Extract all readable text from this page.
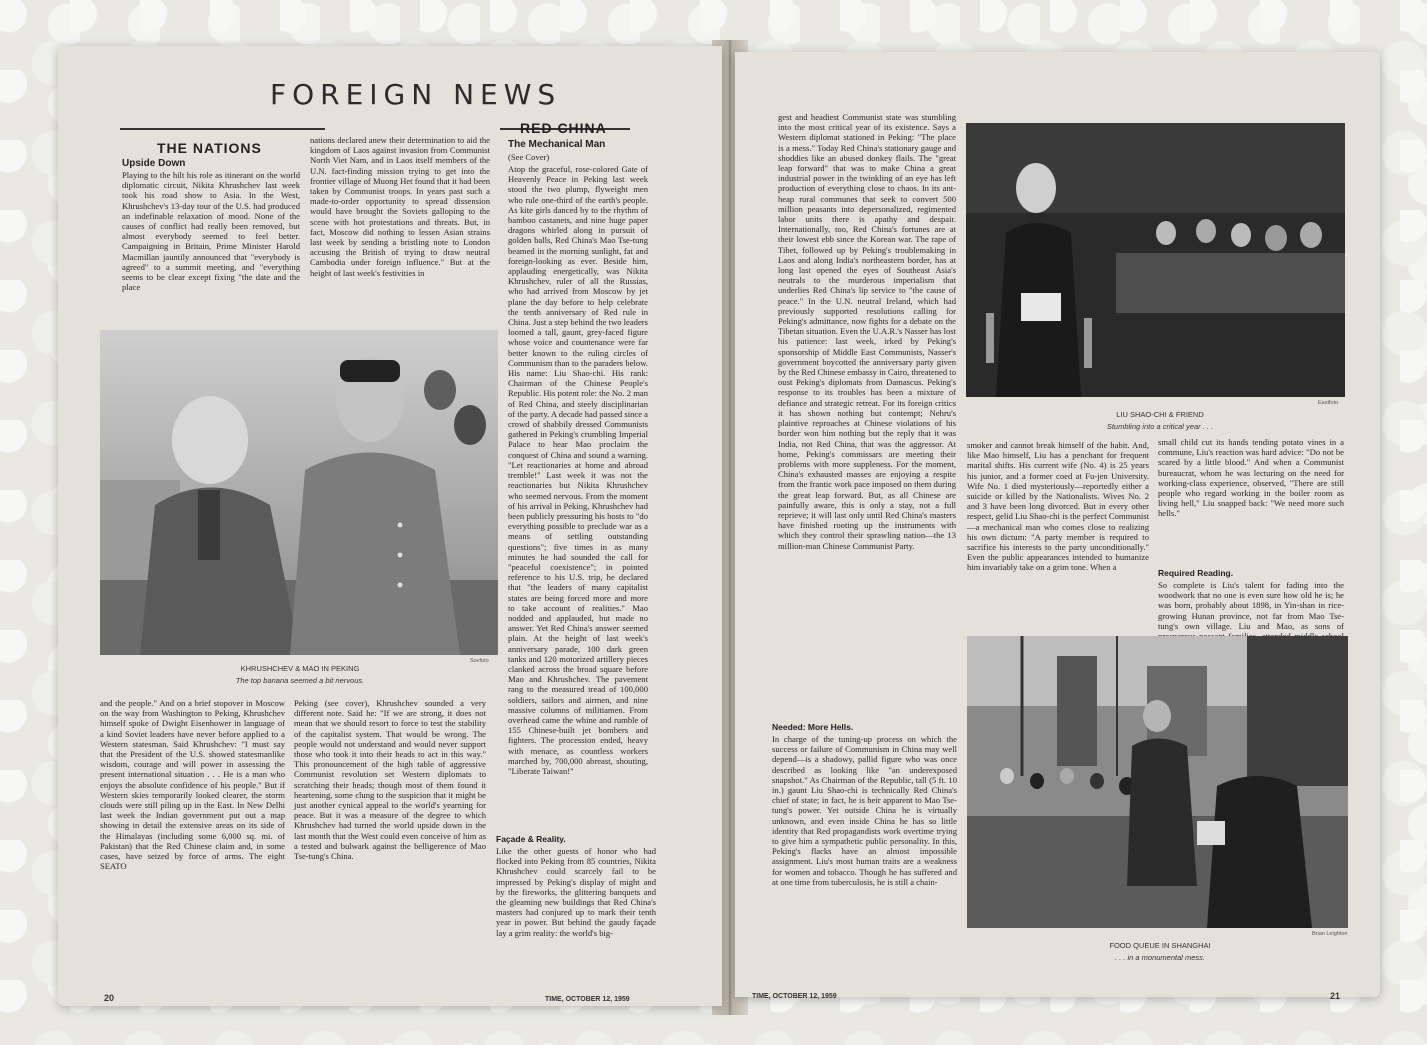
FOREIGN NEWS
THE NATIONS
Upside Down
Playing to the hilt his role as itinerant on the world diplomatic circuit, Nikita Khrushchev last week took his road show to Asia. In the West, Khrushchev's 13-day tour of the U.S. had produced an indefinable relaxation of mood. None of the causes of conflict had really been removed, but almost everybody seemed to feel better. Campaigning in Britain, Prime Minister Harold Macmillan jauntily announced that "everybody is agreed" to a summit meeting, and "everything seems to be clear except fixing "the date and the place
nations declared anew their determination to aid the kingdom of Laos against invasion from Communist North Viet Nam, and in Laos itself members of the U.N. fact-finding mission trying to get into the frontier village of Muong Het found that it had been taken by Communist troops. In years past such a made-to-order opportunity to spread dissension would have brought the Soviets galloping to the scene with hot protestations and threats. But, in fact, Moscow did nothing to lessen Asian strains last week by sending a bristling note to London accusing the British of trying to draw neutral Cambodia under foreign influence." But at the height of last week's festivities in
RED CHINA
The Mechanical Man
(See Cover)
Atop the graceful, rose-colored Gate of Heavenly Peace in Peking last week stood the two plump, flyweight men who rule one-third of the earth's people. As kite girls danced by to the rhythm of bamboo castanets, and nine huge paper dragons whirled along in pursuit of golden balls, Red China's Mao Tse-tung beamed in the morning sunlight, fat and foreign-looking as ever. Beside him, applauding energetically, was Nikita Khrushchev, ruler of all the Russias, who had arrived from Moscow by jet plane the day before to help celebrate the tenth anniversary of Red rule in China. Just a step behind the two leaders loomed a tall, gaunt, grey-faced figure whose voice and countenance were far better known to the ruling circles of Communism than to the paraders below. His name: Liu Shao-chi. His rank: Chairman of the Chinese People's Republic. His potent role: the No. 2 man of Red China, and steely disciplinarian of the party. A decade had passed since a crowd of shabbily dressed Communists gathered in Peking's crumbling Imperial Palace to hear Mao proclaim the conquest of China and sound a warning. "Let reactionaries at home and abroad tremble!" Last week it was not the reactionaries but Nikita Khrushchev who seemed nervous. From the moment of his arrival in Peking, Khrushchev had been publicly pressuring his hosts to "do everything possible to preclude war as a means of settling outstanding questions"; five times in as many minutes he had sounded the call for "peaceful coexistence"; in pointed reference to his U.S. trip, he declared that "the leaders of many capitalist states are being forced more and more to take account of realities." Mao nodded and applauded, but made no answer. Yet Red China's answer seemed plain. At the height of last week's anniversary parade, 100 dark green tanks and 120 motorized artillery pieces clanked across the broad square before Mao and Khrushchev. The pavement rang to the measured tread of 100,000 soldiers, sailors and airmen, and nine massive columns of militiamen. From overhead came the whine and rumble of 155 Chinese-built jet bombers and fighters. The procession ended, heavy with menace, as countless workers marched by, 700,000 abreast, shouting, "Liberate Taiwan!"
Façade & Reality.
Like the other guests of honor who had flocked into Peking from 85 countries, Nikita Khrushchev could scarcely fail to be impressed by Peking's display of might and by the fireworks, the glittering banquets and the gleaming new buildings that Red China's masters had conjured up to mark their tenth year in power. But behind the gaudy façade lay a grim reality: the world's big-
KHRUSHCHEV & MAO IN PEKING
The top banana seemed a bit nervous.
Sovfoto
and the people." And on a brief stopover in Moscow on the way from Washington to Peking, Khrushchev himself spoke of Dwight Eisenhower in language of a kind Soviet leaders have never before applied to a Western statesman. Said Khrushchev: "I must say that the President of the U.S. showed statesmanlike wisdom, courage and will power in assessing the present international situation . . . He is a man who enjoys the absolute confidence of his people." But if Western skies temporarily looked clearer, the storm clouds were still piling up in the East. In New Delhi last week the Indian government put out a map showing in detail the extensive areas on its side of the Himalayas (including some 6,000 sq. mi. of Pakistan) that the Red Chinese claim and, in some cases, have seized by force of arms. The eight SEATO
Peking (see cover), Khrushchev sounded a very different note. Said he: "If we are strong, it does not mean that we should resort to force to test the stability of the capitalist system. That would be wrong. The people would not understand and would never support those who took it into their heads to act in this way." This pronouncement of the high table of aggressive Communist revolution set Western diplomats to scratching their heads; though most of them found it heartening, some clung to the suspicion that it might be just another cynical appeal to the world's yearning for peace. But it was a measure of the degree to which Khrushchev had turned the world upside down in the last month that the West could even conceive of him as a tested and bulwark against the belligerence of Mao Tse-tung's China.
20	TIME, OCTOBER 12, 1959
gest and headiest Communist state was stumbling into the most critical year of its existence. Says a Western diplomat stationed in Peking: "The place is a mess." Today Red China's stationary gauge and shoddies like an abused donkey flails. The "great leap forward" that was to make China a great industrial power in the twinkling of an eye has left production of everything close to chaos. In its ant-heap rural communes that seek to convert 500 million peasants into depersonalized, regimented labor units there is apathy and despair. Internationally, too, Red China's fortunes are at their lowest ebb since the Korean war. The rape of Tibet, followed up by Peking's troublemaking in Laos and along India's northeastern border, has at long last opened the eyes of Southeast Asia's neutrals to the murderous imperialism that underlies Red China's lip service to "the cause of peace." In the U.N. neutral Ireland, which had previously supported resolutions calling for Peking's admittance, now fights for a debate on the Tibetan situation. Even the U.A.R.'s Nasser has lost his patience: last week, irked by Peking's sponsorship of Middle East Communists, Nasser's government boycotted the anniversary party given by the Red Chinese embassy in Cairo, threatened to oust Peking's diplomats from Damascus. Peking's response to its troubles has been a mixture of defiance and strategic retreat. For its foreign critics it has shown nothing but contempt; Nehru's plaintive reproaches at Chinese violations of his border won him nothing but the reply that it was India, not Red China, that was the aggressor. At home, Peking's commissars are meeting their problems with more suppleness. For the moment, China's exhausted masses are enjoying a respite from the frantic work pace imposed on them during the great leap forward. But, as all Chinese are painfully aware, this is only a stay, not a full reprieve; it will last only until Red China's masters have finished rooting up the instruments with which they control their sprawling nation—the 13 million-man Chinese Communist Party.
Needed: More Hells.
In charge of the tuning-up process on which the success or failure of Communism in China may well depend—is a shadowy, pallid figure who was once described as looking like "an underexposed snapshot." As Chairman of the Republic, tall (5 ft. 10 in.) gaunt Liu Shao-chi is technically Red China's chief of state; in fact, he is heir apparent to Mao Tse-tung's power. Yet outside China he is virtually unknown, and even inside China he has so little identity that Red propagandists work overtime trying to give him a sympathetic public personality. In this, Peking's flacks have an almost impossible assignment. Liu's most human traits are a weakness for women and tobacco. Though he has suffered and at one time from tuberculosis, he is still a chain-
Eastfoto
LIU SHAO-CHI & FRIEND
Stumbling into a critical year . . .
smoker and cannot break himself of the habit. And, like Mao himself, Liu has a penchant for frequent marital shifts. His current wife (No. 4) is 25 years his junior, and a former coed at Fu-jen University. Wife No. 1 died mysteriously—reportedly either a suicide or killed by the Nationalists. Wives No. 2 and 3 have been long divorced. But in every other respect, gelid Liu Shao-chi is the perfect Communist—a mechanical man who comes close to realizing his own dictum: "A party member is required to sacrifice his interests to the party unconditionally." Even the public appearances intended to humanize him invariably take on a grim tone. When a
small child cut its hands tending potato vines in a commune, Liu's reaction was hard advice: "Do not be scared by a little blood." And when a Communist bureaucrat, whom he was lecturing on the need for working-class experience, observed, "There are still people who regard working in the boiler room as living hell," Liu snapped back: "We need more such hells."
Required Reading.
So complete is Liu's talent for fading into the woodwork that no one is even sure how old he is; he was born, probably about 1898, in Yin-shan in rice-growing Hunan province, not far from Mao Tse-tung's own village. Liu and Mao, as sons of
Brian Leighton
FOOD QUEUE IN SHANGHAI
. . . in a monumental mess.
TIME, OCTOBER 12, 1959	21
